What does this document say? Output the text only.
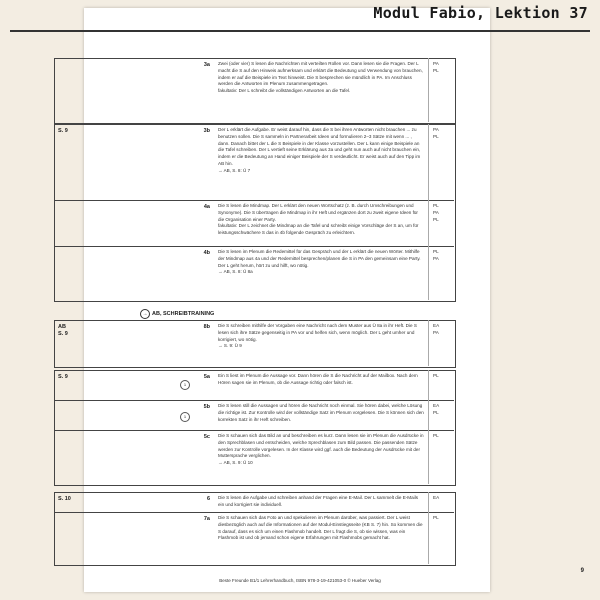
Modul Fabio, Lektion 37
→ AB, SCHREIBTRAINING
3a Zwei (oder vier) S lesen die Nachrichten mit verteilten Rollen vor. Dann lesen sie die Fragen. Der L macht die S auf den Hinweis aufmerksam und erklärt die Bedeutung und Verwendung von brauchen, indem er auf die Beispiele im Text hinweist. Die S besprechen sie mündlich in PA. Im Anschluss werden die Antworten im Plenum zusammengetragen.
fakultativ: Der L schreibt die vollständigen Antworten an die Tafel.
PA
PL
S. 9	3b Der L erklärt die Aufgabe. Er weist darauf hin, dass die S bei ihren Antworten nicht brauchen ... zu benutzen sollen. Die S sammeln in Partnerarbeit Ideen und formulieren 2–3 Sätze mit wenn ... , dann. Danach bittet der L die S Beispiele in der Klasse vorzustellen. Der L kann einige Beispiele an die Tafel schreiben. Der L vertieft seine Erklärung aus 3a und geht nun auch auf nicht brauchen ein, indem er die Bedeutung an Hand einiger Beispiele der S verdeutlicht. Er weist auch auf den Tipp im AB hin.
→ AB, S. 8: Ü 7
PA
PL
4a Die S lesen die Mindmap. Der L erklärt den neuen Wortschatz (z. B. durch Umschreibungen und Synonyme). Die S übertragen die Mindmap in ihr Heft und ergänzen dort zu zweit eigene Ideen für die Organisation einer Party.
fakultativ: Der L zeichnet die Mindmap an die Tafel und schreibt einige Vorschläge der S an, um für leistungsschwächere S das in 4b folgende Gespräch zu erleichtern.
PL
PA
PL
4b Die S lesen im Plenum die Redemittel für das Gespräch und der L erklärt die neuen Wörter. Mithilfe der Mindmap aus 4a und der Redemittel besprechen/planen die S in PA den gemeinsam eine Party. Der L geht herum, hört zu und hilft, wo nötig.
→ AB, S. 8: Ü 8a
PL
PA
AB
S. 9
8b Die S schreiben mithilfe der Vorgaben eine Nachricht nach dem Muster aus Ü 8a in ihr Heft. Die S lesen sich ihre Sätze gegenseitig in PA vor und helfen sich, wenn möglich. Der L geht umher und korrigiert, wo nötig.
→ S. 9: Ü 9
EA
PA
S. 9
1
5a Ein S liest im Plenum die Aussage vor. Dann hören die S die Nachricht auf der Mailbox. Nach dem Hören sagen sie im Plenum, ob die Aussage richtig oder falsch ist.
PL
1
5b Die S lesen still die Aussagen und hören die Nachricht noch einmal. Sie hören dabei, welche Lösung die richtige ist. Zur Kontrolle wird der vollständige Satz im Plenum vorgelesen. Die S können sich den korrekten Satz in ihr Heft schreiben.
EA
PL
5c Die S schauen sich das Bild an und beschreiben es kurz. Dann lesen sie im Plenum die Ausdrücke in den Sprechblasen und entscheiden, welche Sprechblasen zum Bild passen. Die passenden Sätze werden zur Kontrolle vorgelesen. In der Klasse wird ggf. auch die Bedeutung der Ausdrücke mit der Muttersprache verglichen.
→ AB, S. 9: Ü 10
PL
S. 10	6 Die S lesen die Aufgabe und schreiben anhand der Fragen eine E-Mail. Der L sammelt die E-Mails ein und korrigiert sie individuell.
EA
7a Die S schauen sich das Foto an und spekulieren im Plenum darüber, was passiert. Der L weist diesbezüglich auch auf die Informationen auf der Modul-Einstiegsseite (KB S. 7) hin. So kommen die S darauf, dass es sich um einen Flashmob handelt. Der L fragt die S, ob sie wissen, was ein Flashmob ist und ob jemand schon eigene Erfahrungen mit Flashmobs gemacht hat.
PL
9
Beste Freunde B1/1 Lehrerhandbuch, ISBN 978-3-19-421053-0 © Hueber Verlag
